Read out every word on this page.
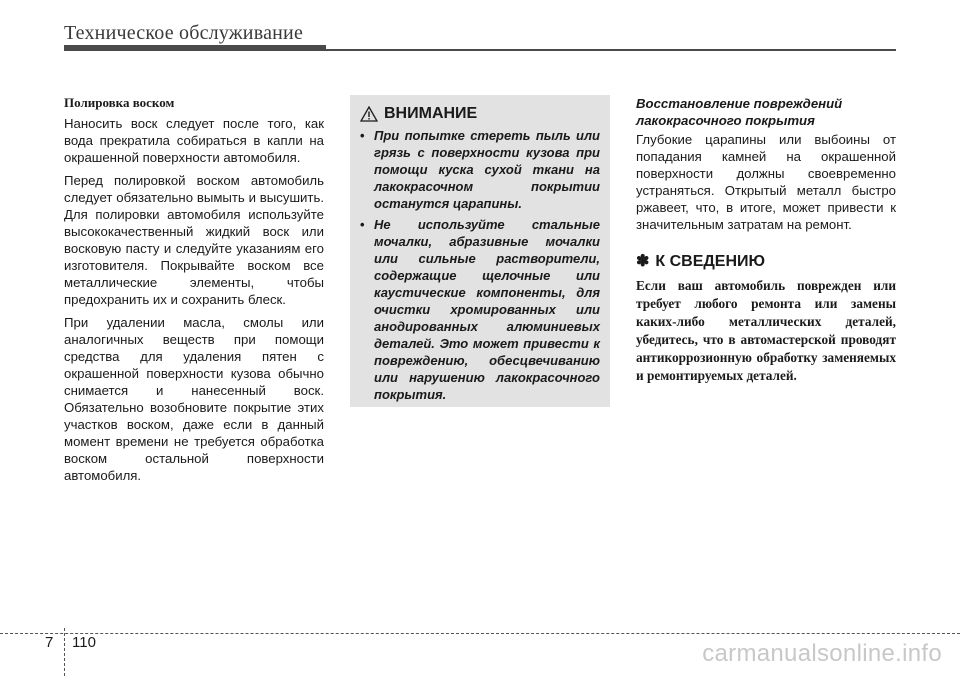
Техническое обслуживание
Полировка воском

Наносить воск следует после того, как вода прекратила собираться в капли на окрашенной поверхности автомобиля.

Перед полировкой воском автомобиль следует обязательно вымыть и высушить. Для полировки автомобиля используйте высококачественный жидкий воск или восковую пасту и следуйте указаниям его изготовителя. Покрывайте воском все металлические элементы, чтобы предохранить их и сохранить блеск.

При удалении масла, смолы или аналогичных веществ при помощи средства для удаления пятен с окрашенной поверхности кузова обычно снимается и нанесенный воск. Обязательно возобновите покрытие этих участков воском, даже если в данный момент времени не требуется обработка воском остальной поверхности автомобиля.

ВНИМАНИЕ
• При попытке стереть пыль или грязь с поверхности кузова при помощи куска сухой ткани на лакокрасочном покрытии останутся царапины.
• Не используйте стальные мочалки, абразивные мочалки или сильные растворители, содержащие щелочные или каустические компоненты, для очистки хромированных или анодированных алюминиевых деталей. Это может привести к повреждению, обесцвечиванию или нарушению лакокрасочного покрытия.
Восстановление повреждений лакокрасочного покрытия

Глубокие царапины или выбоины от попадания камней на окрашенной поверхности должны своевременно устраняться. Открытый металл быстро ржавеет, что, в итоге, может привести к значительным затратам на ремонт.

✽ К СВЕДЕНИЮ

Если ваш автомобиль поврежден или требует любого ремонта или замены каких-либо металлических деталей, убедитесь, что в автомастерской проводят антикоррозионную обработку заменяемых и ремонтируемых деталей.

7 110	carmanualsonline.info
